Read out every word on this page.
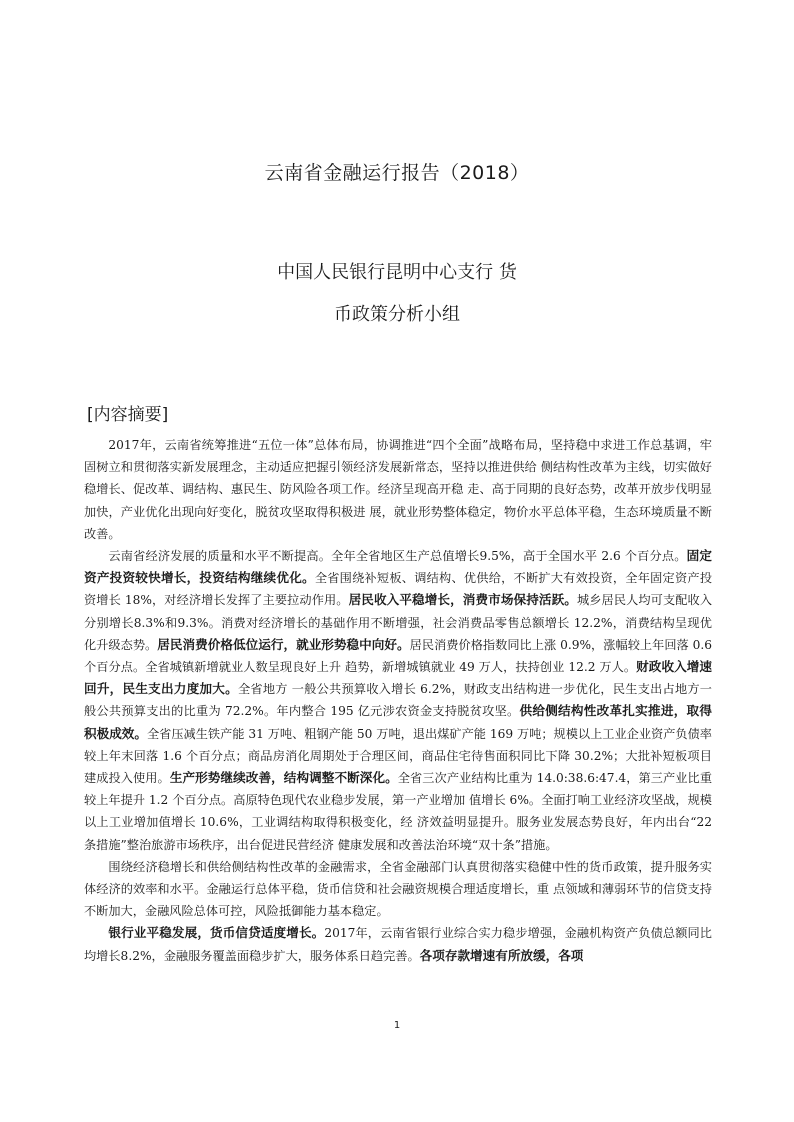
云南省金融运行报告（2018）
中国人民银行昆明中心支行 货
币政策分析小组
[内容摘要]

2017年，云南省统筹推进“五位一体”总体布局，协调推进“四个全面”战略布局，坚持稳中求进工作总基调，牢固树立和贯彻落实新发展理念，主动适应把握引领经济发展新常态，坚持以推进供给 侧结构性改革为主线，切实做好稳增长、促改革、调结构、惠民生、防风险各项工作。经济呈现高开稳 走、高于同期的良好态势，改革开放步伐明显加快，产业优化出现向好变化，脱贫攻坚取得积极进 展，就业形势整体稳定，物价水平总体平稳，生态环境质量不断改善。

云南省经济发展的质量和水平不断提高。全年全省地区生产总值增长9.5%，高于全国水平 2.6 个百分点。固定资产投资较快增长，投资结构继续优化。全省围绕补短板、调结构、优供给，不断扩大有效投资，全年固定资产投资增长 18%，对经济增长发挥了主要拉动作用。居民收入平稳增长，消费市场保持活跃。城乡居民人均可支配收入分别增长8.3%和9.3%。消费对经济增长的基础作用不断增强，社会消费品零售总额增长 12.2%，消费结构呈现优化升级态势。居民消费价格低位运行，就业形势稳中向好。居民消费价格指数同比上涨 0.9%，涨幅较上年回落 0.6 个百分点。全省城镇新增就业人数呈现良好上升 趋势，新增城镇就业 49 万人，扶持创业 12.2 万人。财政收入增速回升，民生支出力度加大。全省地方 一般公共预算收入增长 6.2%，财政支出结构进一步优化，民生支出占地方一般公共预算支出的比重为 72.2%。年内整合 195 亿元涉农资金支持脱贫攻坚。供给侧结构性改革扎实推进，取得积极成效。全省压减生铁产能 31 万吨、粗钢产能 50 万吨，退出煤矿产能 169 万吨；规模以上工业企业资产负债率较上年末回落 1.6 个百分点；商品房消化周期处于合理区间，商品住宅待售面积同比下降 30.2%；大批补短板项目建成投入使用。生产形势继续改善，结构调整不断深化。全省三次产业结构比重为 14.0:38.6:47.4，第三产业比重较上年提升 1.2 个百分点。高原特色现代农业稳步发展，第一产业增加 值增长 6%。全面打响工业经济攻坚战，规模以上工业增加值增长 10.6%，工业调结构取得积极变化，经 济效益明显提升。服务业发展态势良好，年内出台“22 条措施”整治旅游市场秩序，出台促进民营经济 健康发展和改善法治环境“双十条”措施。

围绕经济稳增长和供给侧结构性改革的金融需求，全省金融部门认真贯彻落实稳健中性的货币政策，提升服务实体经济的效率和水平。金融运行总体平稳，货币信贷和社会融资规模合理适度增长，重 点领域和薄弱环节的信贷支持不断加大，金融风险总体可控，风险抵御能力基本稳定。

银行业平稳发展，货币信贷适度增长。2017年，云南省银行业综合实力稳步增强，金融机构资产负债总额同比均增长8.2%，金融服务覆盖面稳步扩大，服务体系日趋完善。各项存款增速有所放缓，各项

1
